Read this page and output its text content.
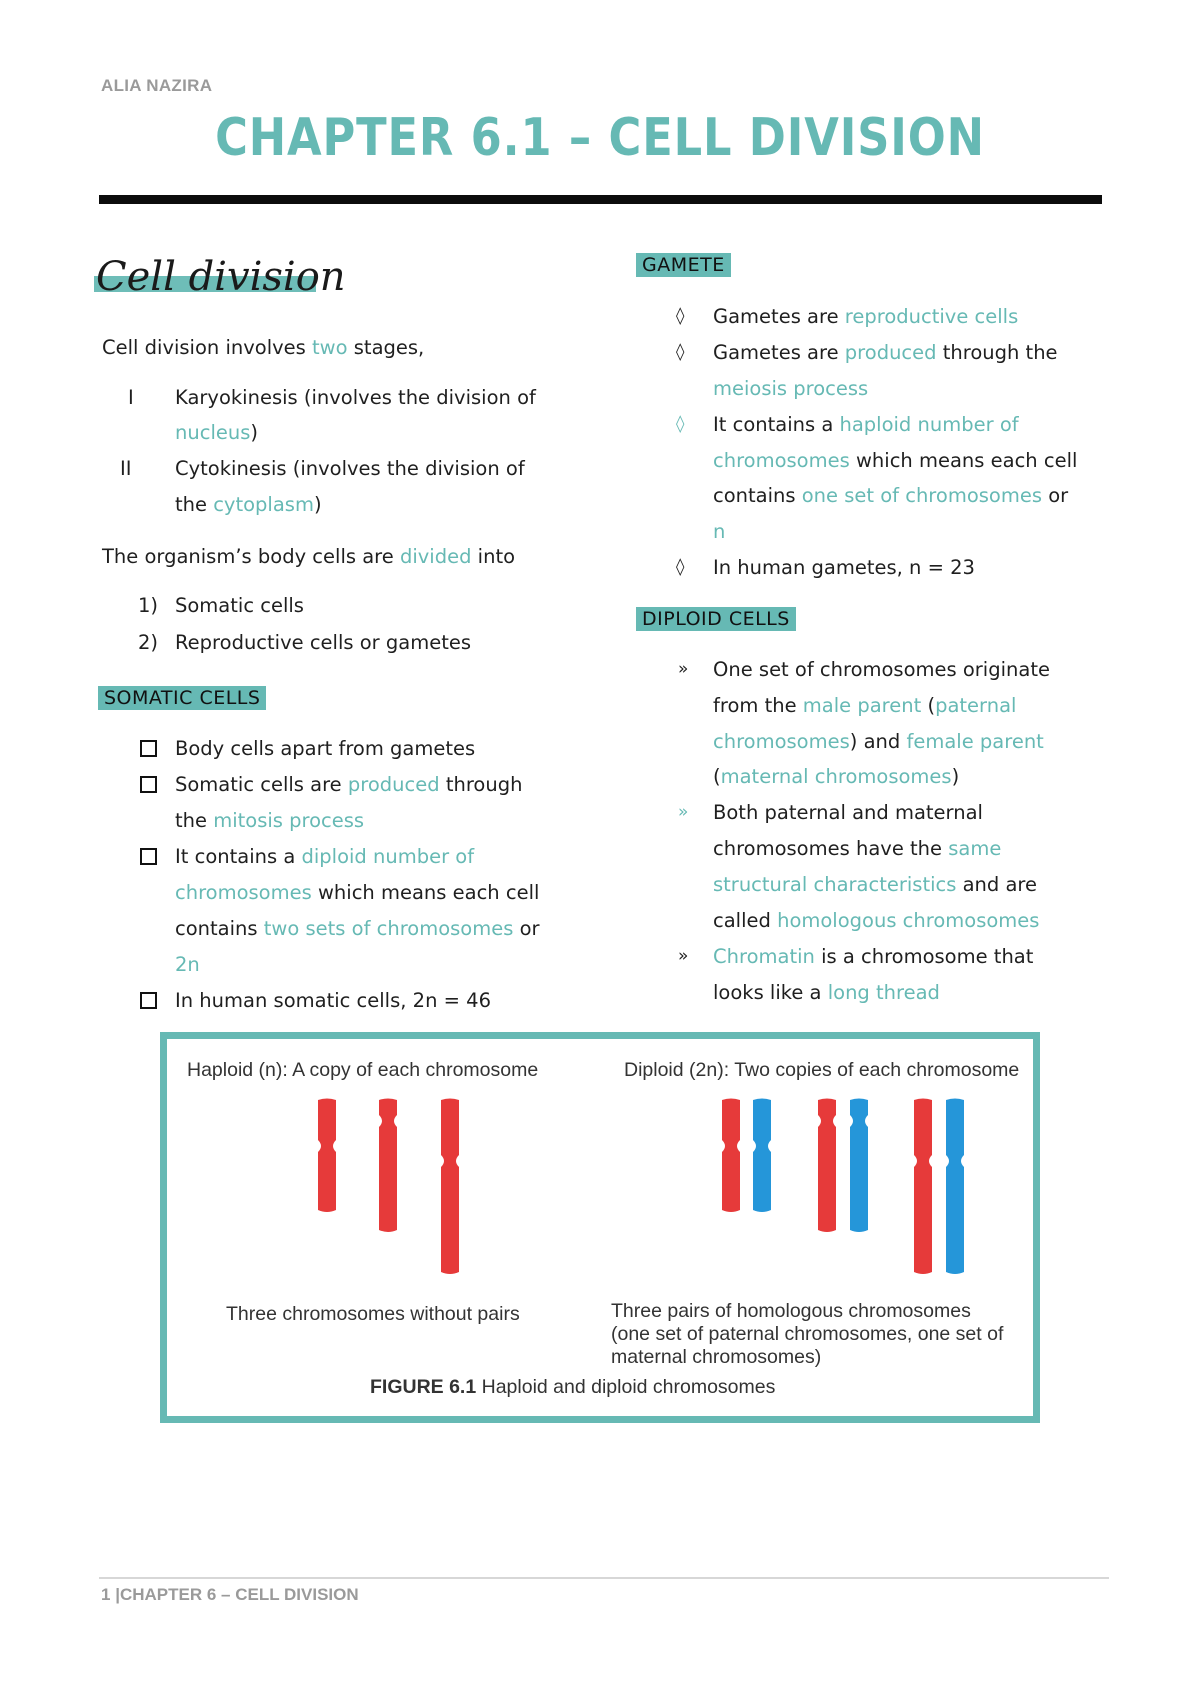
ALIA NAZIRA
CHAPTER 6.1 – CELL DIVISION
Cell division
Cell division involves two stages,
I Karyokinesis (involves the division of
nucleus)
II Cytokinesis (involves the division of
the cytoplasm)
The organism’s body cells are divided into
1) Somatic cells
2) Reproductive cells or gametes
SOMATIC CELLS
Body cells apart from gametes
Somatic cells are produced through
the mitosis process
It contains a diploid number of
chromosomes which means each cell
contains two sets of chromosomes or
2n
In human somatic cells, 2n = 46
GAMETE
◊ Gametes are reproductive cells
◊ Gametes are produced through the
meiosis process
◊ It contains a haploid number of
chromosomes which means each cell
contains one set of chromosomes or
n
◊ In human gametes, n = 23
DIPLOID CELLS
» One set of chromosomes originate
from the male parent (paternal
chromosomes) and female parent
(maternal chromosomes)
» Both paternal and maternal
chromosomes have the same
structural characteristics and are
called homologous chromosomes
» Chromatin is a chromosome that
looks like a long thread
Haploid (n): A copy of each chromosome	Diploid (2n): Two copies of each chromosome
Three chromosomes without pairs	Three pairs of homologous chromosomes
(one set of paternal chromosomes, one set of
maternal chromosomes)
FIGURE 6.1 Haploid and diploid chromosomes
1 |CHAPTER 6 – CELL DIVISION
